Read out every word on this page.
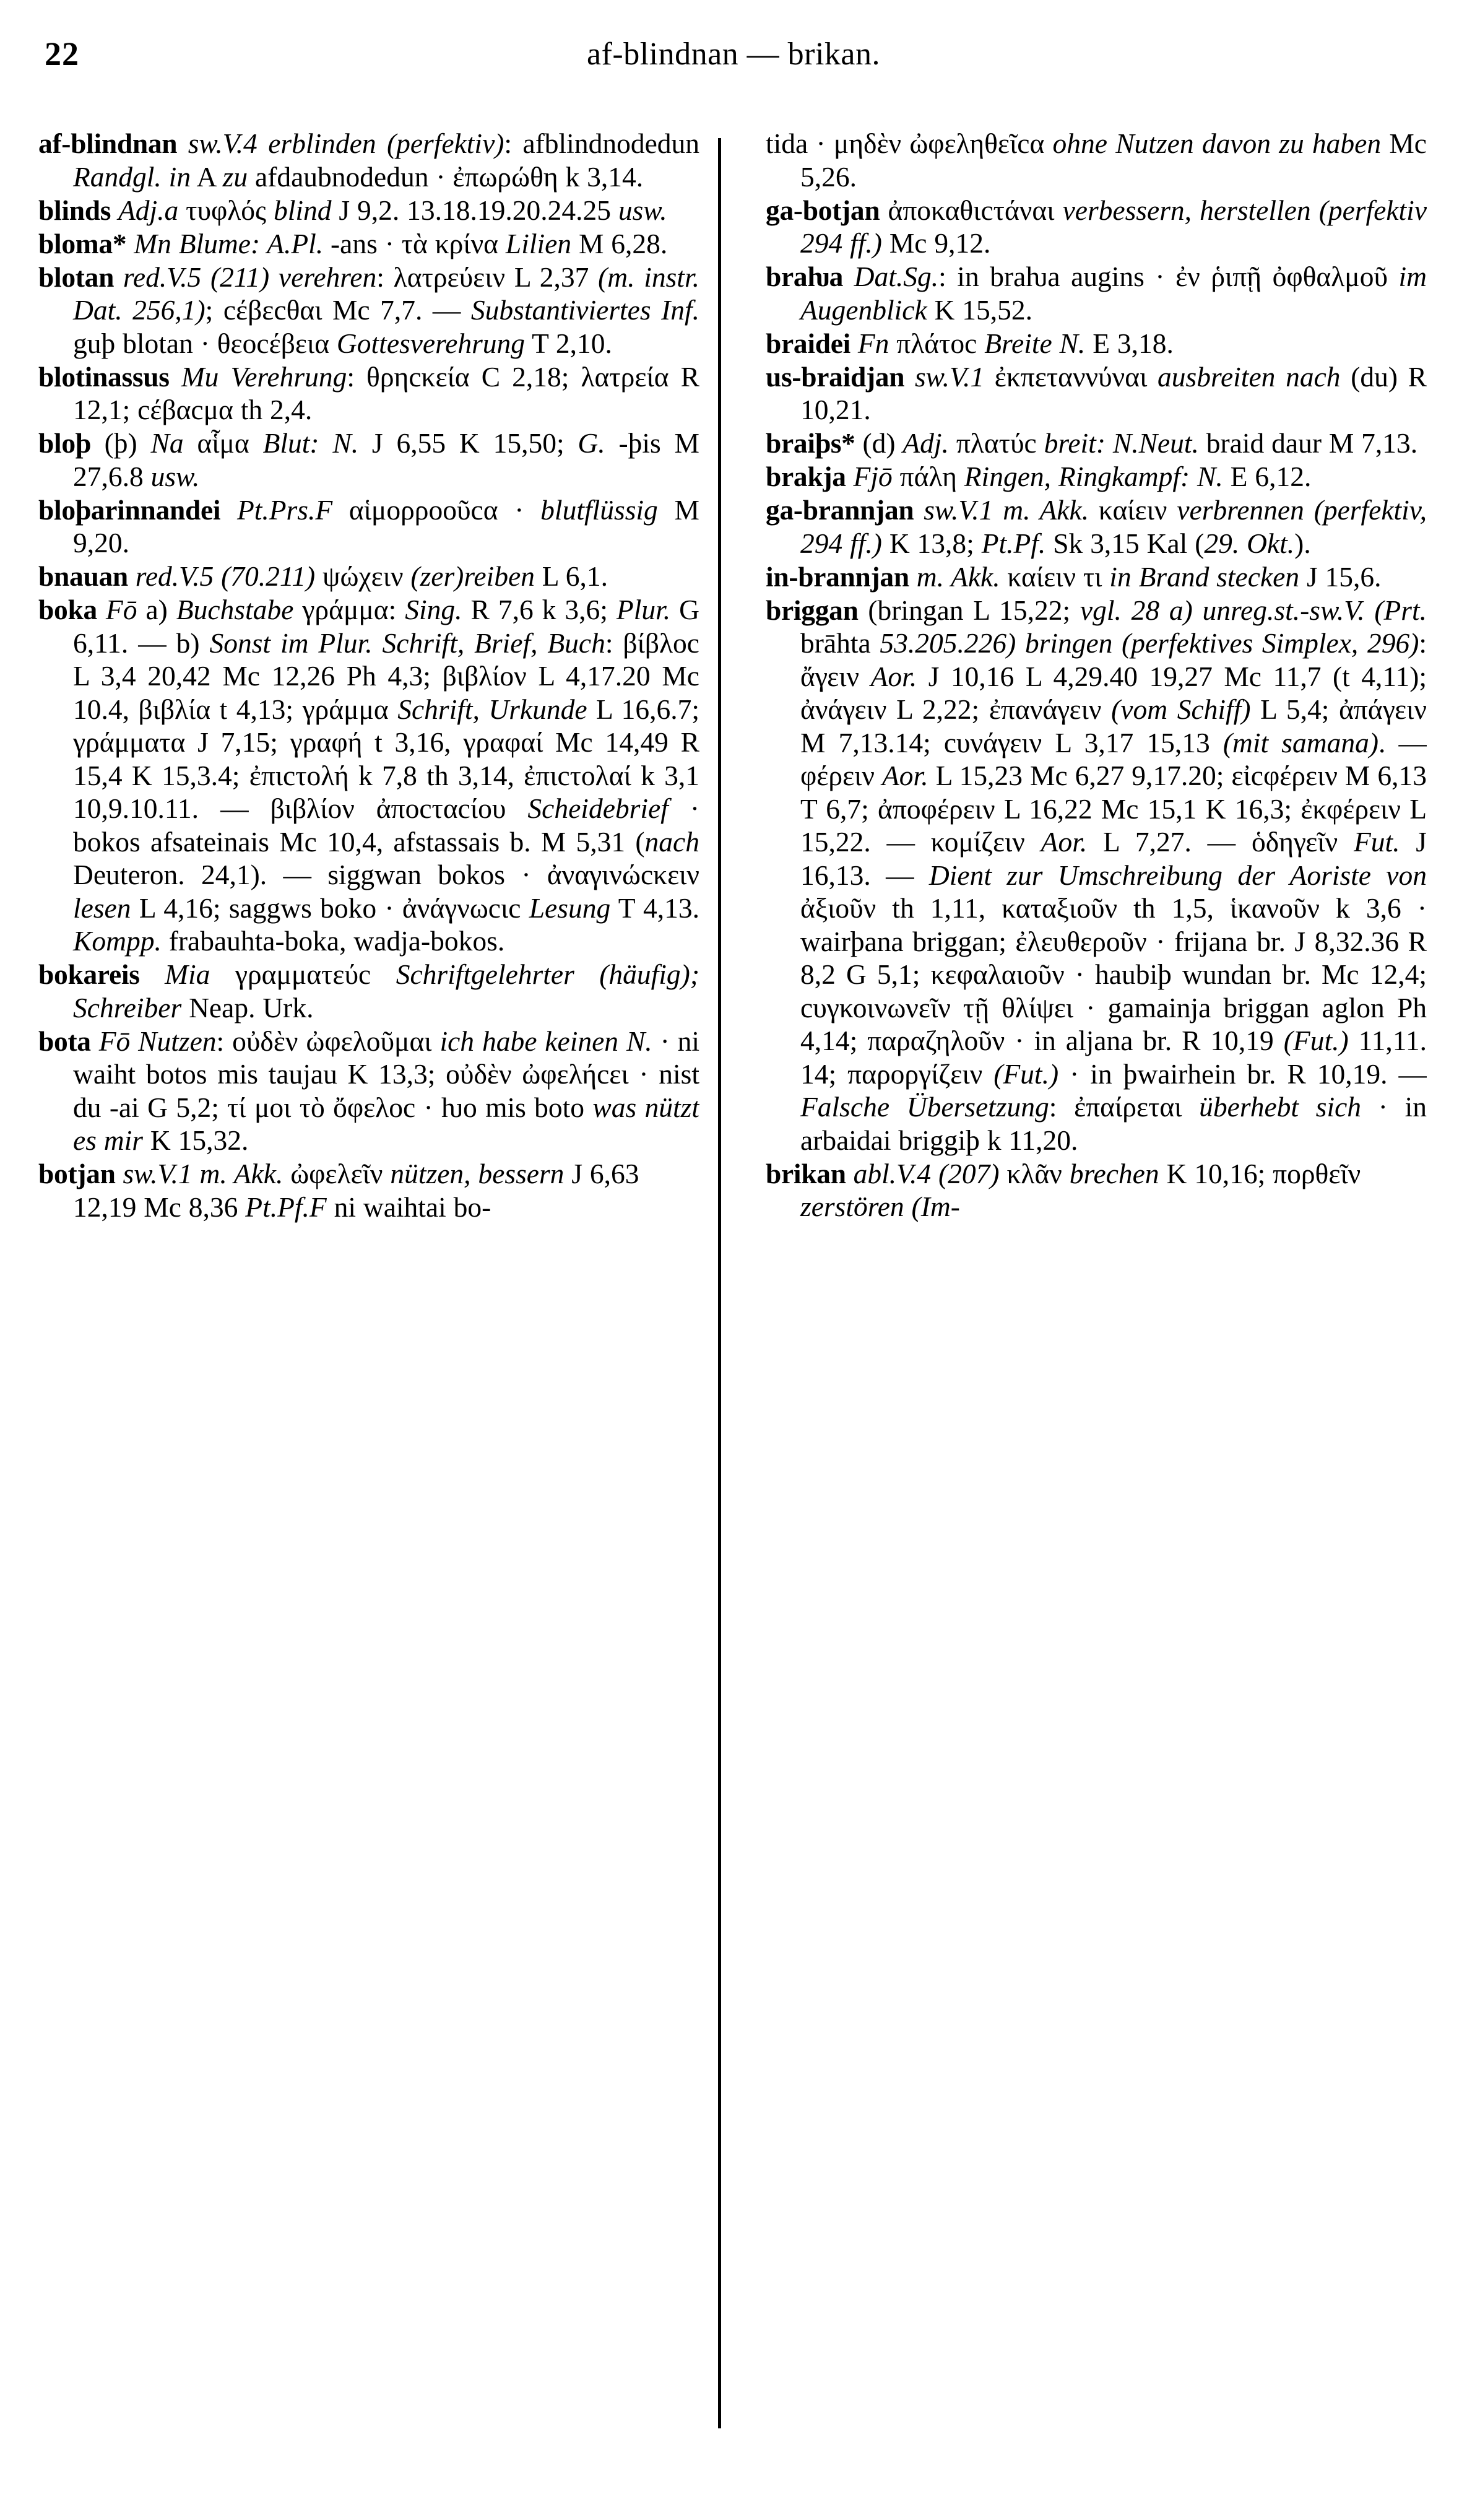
22	af-blindnan — brikan.

af-blindnan sw.V.4 erblinden (perfektiv): afblindnodedun Randgl. in A zu afdaubnodedun · ἐπωρώθη k 3,14.

blinds Adj.a τυφλός blind J 9,2. 13.18.19.20.24.25 usw.

bloma* Mn Blume: A.Pl. -ans · τὰ κρίνα Lilien M 6,28.

blotan red.V.5 (211) verehren: λατρεύειν L 2,37 (m. instr. Dat. 256,1); cέβεcθαι Mc 7,7. — Substantiviertes Inf. guþ blotan · θεοcέβεια Gottesverehrung T 2,10.

blotinassus Mu Verehrung: θρηcκεία C 2,18; λατρεία R 12,1; cέβαcμα th 2,4.

bloþ (þ) Na αἷμα Blut: N. J 6,55 K 15,50; G. -þis M 27,6.8 usw.

bloþarinnandei Pt.Prs.F αἱμορροοῦcα · blutflüssig M 9,20.

bnauan red.V.5 (70.211) ψώχειν (zer)reiben L 6,1.

boka Fō a) Buchstabe γράμμα: Sing. R 7,6 k 3,6; Plur. G 6,11. — b) Sonst im Plur. Schrift, Brief, Buch: βίβλοc L 3,4 20,42 Mc 12,26 Ph 4,3; βιβλίον L 4,17.20 Mc 10.4, βιβλία t 4,13; γράμμα Schrift, Urkunde L 16,6.7; γράμματα J 7,15; γραφή t 3,16, γραφαί Mc 14,49 R 15,4 K 15,3.4; ἐπιcτολή k 7,8 th 3,14, ἐπιcτολαί k 3,1 10,9.10.11. — βιβλίον ἀποcταcίου Scheidebrief · bokos afsateinais Mc 10,4, afstassais b. M 5,31 (nach Deuteron. 24,1). — siggwan bokos · ἀναγινώcκειν lesen L 4,16; saggws boko · ἀνάγνωcιc Lesung T 4,13. Kompp. frabauhta-boka, wadja-bokos.

bokareis Mia γραμματεύc Schriftgelehrter (häufig); Schreiber Neap. Urk.

bota Fō Nutzen: οὐδὲν ὠφελοῦμαι ich habe keinen N. · ni waiht botos mis taujau K 13,3; οὐδὲν ὠφελήcει · nist du -ai G 5,2; τί μοι τὸ ὄφελοc · ƕo mis boto was nützt es mir K 15,32.

botjan sw.V.1 m. Akk. ὠφελεῖν nützen, bessern J 6,63 12,19 Mc 8,36 Pt.Pf.F ni waihtai bo-

tida · μηδὲν ὠφεληθεῖcα ohne Nutzen davon zu haben Mc 5,26.

ga-botjan ἀποκαθιcτάναι verbessern, herstellen (perfektiv 294 ff.) Mc 9,12.

braƕa Dat.Sg.: in braƕa augins · ἐν ῥιπῇ ὀφθαλμοῦ im Augenblick K 15,52.

braidei Fn πλάτοc Breite N. E 3,18.

us-braidjan sw.V.1 ἐκπεταννύναι ausbreiten nach (du) R 10,21.

braiþs* (d) Adj. πλατύc breit: N.Neut. braid daur M 7,13.

brakja Fjō πάλη Ringen, Ringkampf: N. E 6,12.

ga-brannjan sw.V.1 m. Akk. καίειν verbrennen (perfektiv, 294 ff.) K 13,8; Pt.Pf. Sk 3,15 Kal (29. Okt.).

in-brannjan m. Akk. καίειν τι in Brand stecken J 15,6.

briggan (bringan L 15,22; vgl. 28 a) unreg.st.-sw.V. (Prt. brāhta 53.205.226) bringen (perfektives Simplex, 296): ἄγειν Aor. J 10,16 L 4,29.40 19,27 Mc 11,7 (t 4,11); ἀνάγειν L 2,22; ἐπανάγειν (vom Schiff) L 5,4; ἀπάγειν M 7,13.14; cυνάγειν L 3,17 15,13 (mit samana). — φέρειν Aor. L 15,23 Mc 6,27 9,17.20; εἰcφέρειν M 6,13 T 6,7; ἀποφέρειν L 16,22 Mc 15,1 K 16,3; ἐκφέρειν L 15,22. — κομίζειν Aor. L 7,27. — ὁδηγεῖν Fut. J 16,13. — Dient zur Umschreibung der Aoriste von ἀξιοῦν th 1,11, καταξιοῦν th 1,5, ἱκανοῦν k 3,6 · wairþana briggan; ἐλευθεροῦν · frijana br. J 8,32.36 R 8,2 G 5,1; κεφαλαιοῦν · haubiþ wundan br. Mc 12,4; cυγκοινωνεῖν τῇ θλίψει · gamainja briggan aglon Ph 4,14; παραζηλοῦν · in aljana br. R 10,19 (Fut.) 11,11. 14; παροργίζειν (Fut.) · in þwairhein br. R 10,19. — Falsche Übersetzung: ἐπαίρεται überhebt sich · in arbaidai briggiþ k 11,20.

brikan abl.V.4 (207) κλᾶν brechen K 10,16; πορθεῖν zerstören (Im-
